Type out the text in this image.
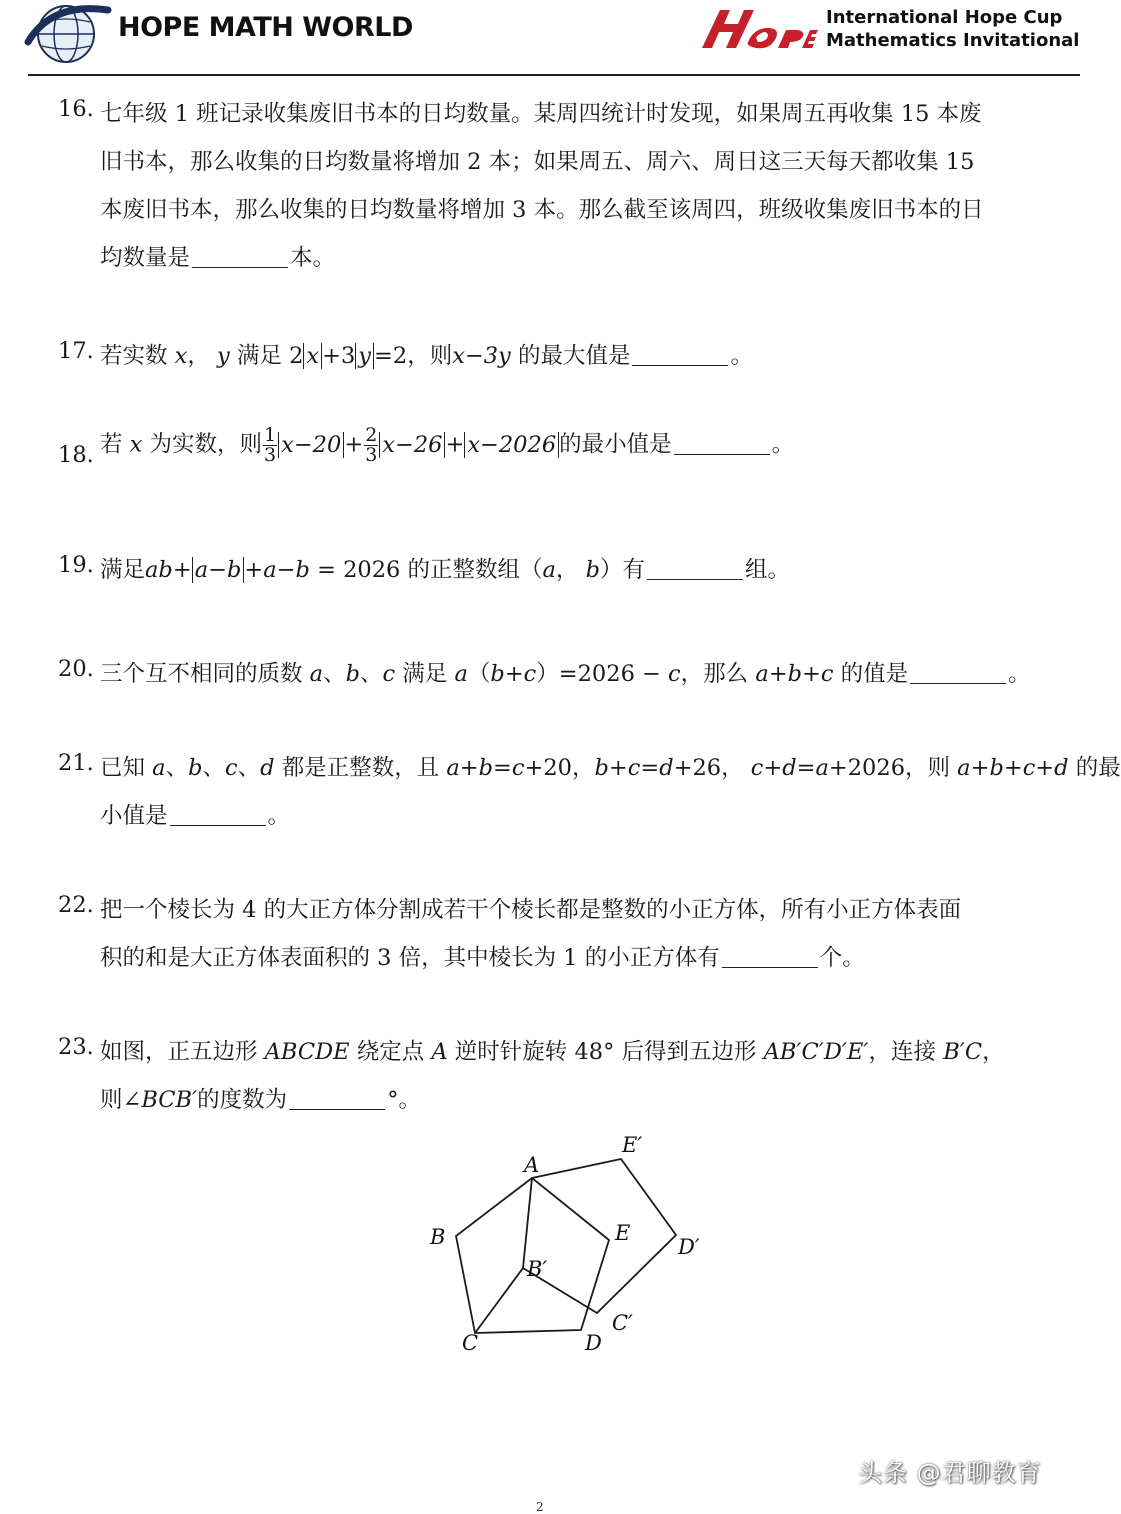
HOPE MATH WORLD	International Hope Cup
Mathematics Invitational
16. 七年级 1 班记录收集废旧书本的日均数量。某周四统计时发现，如果周五再收集 15 本废
旧书本，那么收集的日均数量将增加 2 本；如果周五、周六、周日这三天每天都收集 15
本废旧书本，那么收集的日均数量将增加 3 本。那么截至该周四，班级收集废旧书本的日
均数量是	本。
17. 若实数 x， y 满足 2 x +3 y =2，则x−3y 的最大值是	。
18. 若 x 为实数，则 $\frac{1}{3} x-20 + \frac{2}{3} x-26 + x-2026$ 的最小值是	。
19. 满足ab+ a−b +a−b = 2026 的正整数组（a， b）有	组。
20. 三个互不相同的质数 a、b、c 满足 a（b+c）=2026 − c，那么 a+b+c 的值是	。
21. 已知 a、b、c、d 都是正整数，且 a+b=c+20，b+c=d+26， c+d=a+2026，则 a+b+c+d 的最
小值是	。
22. 把一个棱长为 4 的大正方体分割成若干个棱长都是整数的小正方体，所有小正方体表面
积的和是大正方体表面积的 3 倍，其中棱长为 1 的小正方体有	个。
23. 如图，正五边形 ABCDE 绕定点 A 逆时针旋转 48° 后得到五边形 AB′C′D′E′，连接 B′C，
则∠BCB′的度数为	°。
A
B
C	D
E
B′
C′
D′
E′
头条 @君聊教育
2
